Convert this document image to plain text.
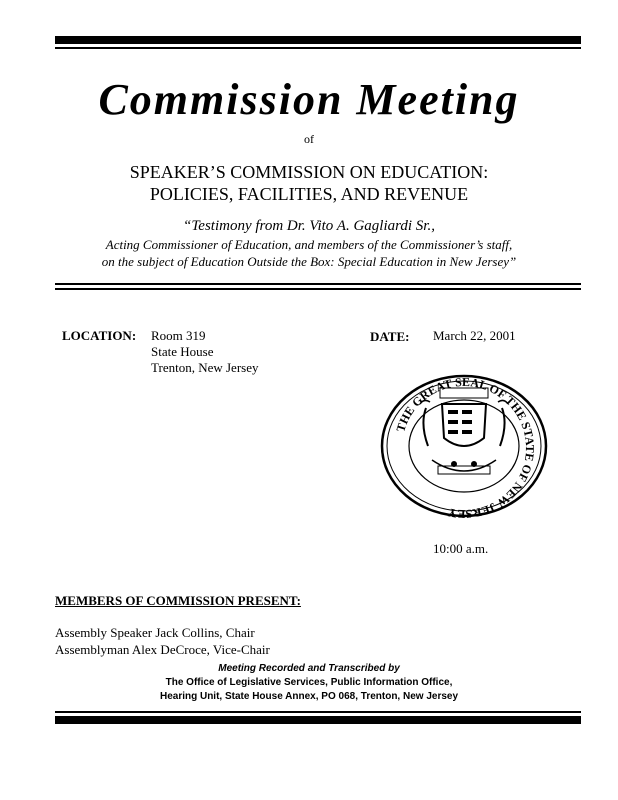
Commission Meeting
of
SPEAKER’S COMMISSION ON EDUCATION:
POLICIES, FACILITIES, AND REVENUE
“Testimony from Dr. Vito A. Gagliardi Sr.,
Acting Commissioner of Education, and members of the Commissioner’s staff,
on the subject of Education Outside the Box: Special Education in New Jersey”
LOCATION: Room 319
State House
Trenton, New Jersey
DATE: March 22, 2001
THE GREAT SEAL OF THE STATE OF NEW JERSEY
10:00 a.m.
MEMBERS OF COMMISSION PRESENT:
Assembly Speaker Jack Collins, Chair
Assemblyman Alex DeCroce, Vice-Chair
Meeting Recorded and Transcribed by
The Office of Legislative Services, Public Information Office,
Hearing Unit, State House Annex, PO 068, Trenton, New Jersey
